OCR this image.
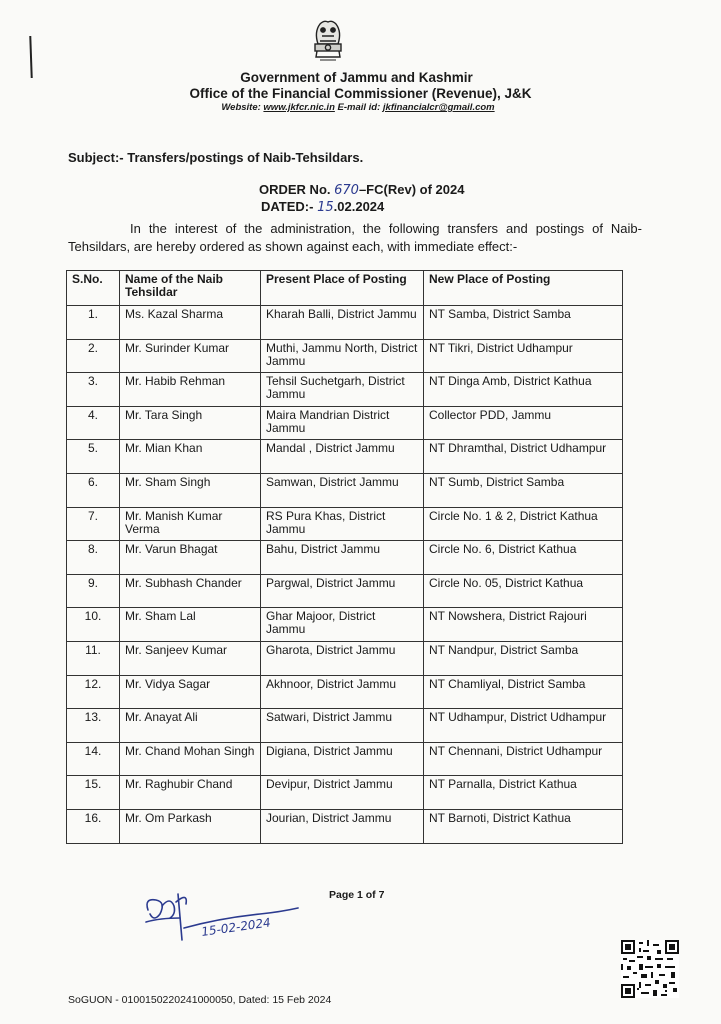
Government of Jammu and Kashmir
Office of the Financial Commissioner (Revenue), J&K
Website: www.jkfcr.nic.in E-mail id: jkfinancialcr@gmail.com
Subject:- Transfers/postings of Naib-Tehsildars.
ORDER No. 670–FC(Rev) of 2024
DATED:- 15.02.2024
In the interest of the administration, the following transfers and postings of Naib-Tehsildars, are hereby ordered as shown against each, with immediate effect:-
S.No.	Name of the Naib Tehsildar	Present Place of Posting	New Place of Posting
1.	Ms. Kazal Sharma	Kharah Balli, District Jammu	NT Samba, District Samba
2.	Mr. Surinder Kumar	Muthi, Jammu North, District Jammu	NT Tikri, District Udhampur
3.	Mr. Habib Rehman	Tehsil Suchetgarh, District Jammu	NT Dinga Amb, District Kathua
4.	Mr. Tara Singh	Maira Mandrian District Jammu	Collector PDD, Jammu
5.	Mr. Mian Khan	Mandal , District Jammu	NT Dhramthal, District Udhampur
6.	Mr. Sham Singh	Samwan, District Jammu	NT Sumb, District Samba
7.	Mr. Manish Kumar Verma	RS Pura Khas, District Jammu	Circle No. 1 & 2, District Kathua
8.	Mr. Varun Bhagat	Bahu, District Jammu	Circle No. 6, District Kathua
9.	Mr. Subhash Chander	Pargwal, District Jammu	Circle No. 05, District Kathua
10.	Mr. Sham Lal	Ghar Majoor, District Jammu	NT Nowshera, District Rajouri
11.	Mr. Sanjeev Kumar	Gharota, District Jammu	NT Nandpur, District Samba
12.	Mr. Vidya Sagar	Akhnoor, District Jammu	NT Chamliyal, District Samba
13.	Mr. Anayat Ali	Satwari, District Jammu	NT Udhampur, District Udhampur
14.	Mr. Chand Mohan Singh	Digiana, District Jammu	NT Chennani, District Udhampur
15.	Mr. Raghubir Chand	Devipur, District Jammu	NT Parnalla, District Kathua
16.	Mr. Om Parkash	Jourian, District Jammu	NT Barnoti, District Kathua
15-02-2024
Page 1 of 7
SoGUON - 0100150220241000050, Dated: 15 Feb 2024
